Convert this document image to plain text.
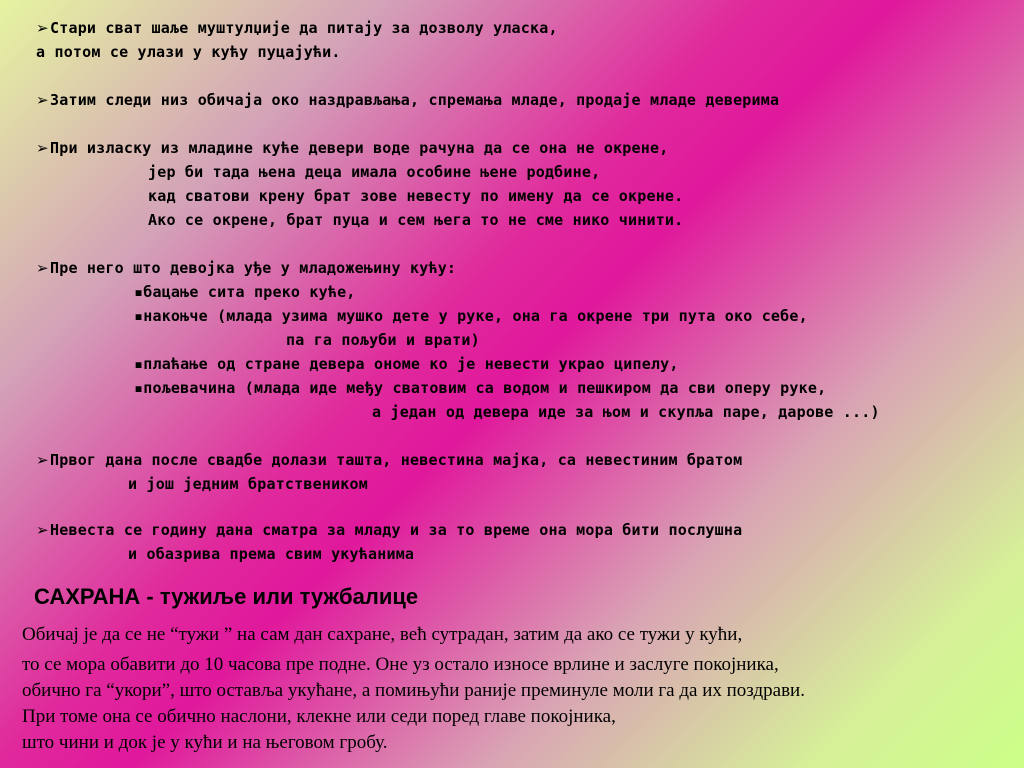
➢Стари сват шаље муштулџије да питају за дозволу уласка,
а потом се улази у кућу пуцајући.
➢Затим следи низ обичаја око наздрављања, спремања младе, продаје младе деверима
➢При изласку из младине куће девери воде рачуна да се она не окрене,
јер би тада њена деца имала особине њене родбине,
кад сватови крену брат зове невесту по имену да се окрене.
Ако се окрене, брат пуца и сем њега то не сме нико чинити.
➢Пре него што девојка уђе у младожењину кућу:
▪бацање сита преко куће,
▪накоњче (млада узима мушко дете у руке, она га окрене три пута око себе,
па га пољуби и врати)
▪плаћање од стране девера ономе ко је невести украо ципелу,
▪пољевачина (млада иде међу сватовим са водом и пешкиром да сви оперу руке,
а један од девера иде за њом и скупља паре, дарове ...)
➢Првог дана после свадбе долази ташта, невестина мајка, са невестиним братом
и још једним братствеником
➢Невеста се годину дана сматра за младу и за то време она мора бити послушна
и обазрива према свим укућанима
САХРАНА - тужиље или тужбалице
Обичај је да се не “тужи ” на сам дан сахране, већ сутрадан, затим да ако се тужи у кући,
то се мора обавити до 10 часова пре подне. Оне уз остало износе врлине и заслуге покојника,
обично га “укори”, што оставља укућане, а помињући раније преминуле моли га да их поздрави.
При томе она се обично наслони, клекне или седи поред главе покојника,
што чини и док је у кући и на његовом гробу.
